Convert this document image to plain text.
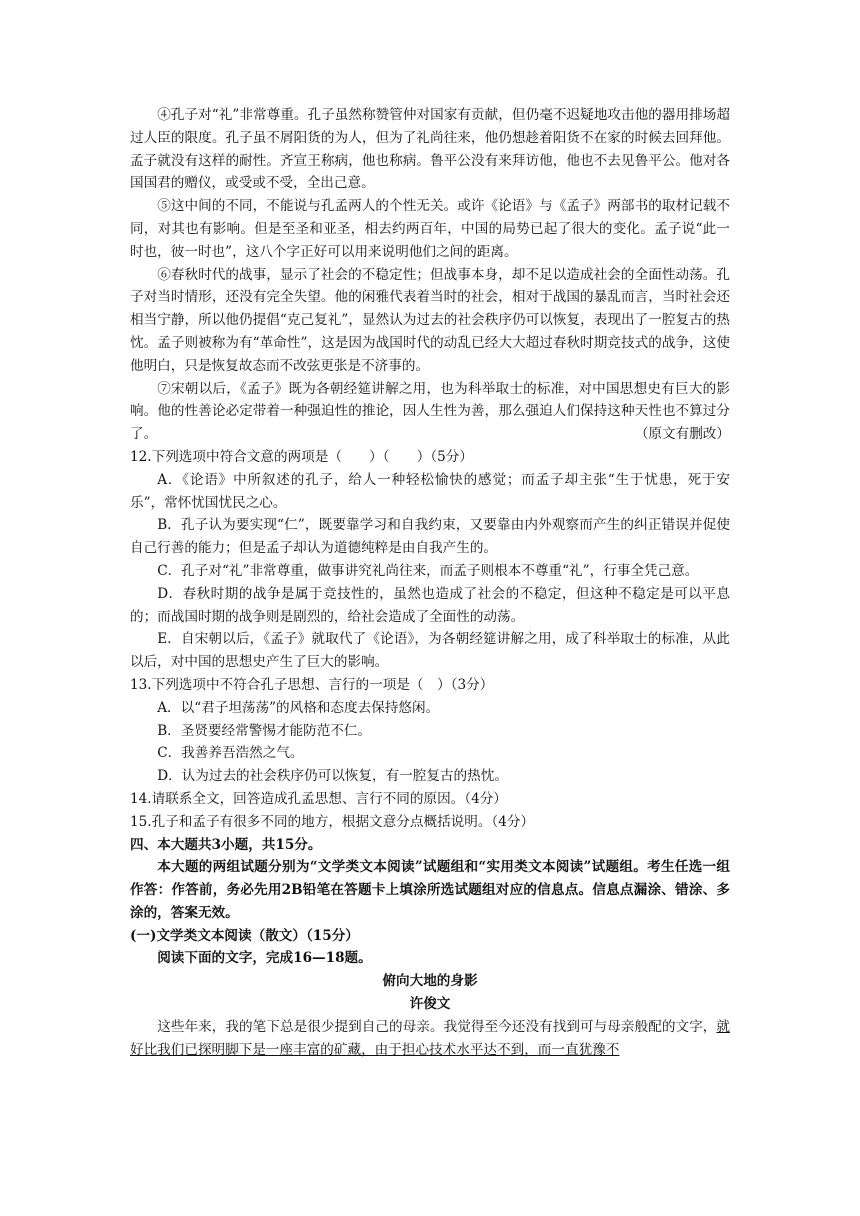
④孔子对“礼”非常尊重。孔子虽然称赞管仲对国家有贡献，但仍毫不迟疑地攻击他的器用排场超过人臣的限度。孔子虽不屑阳货的为人，但为了礼尚往来，他仍想趁着阳货不在家的时候去回拜他。孟子就没有这样的耐性。齐宣王称病，他也称病。鲁平公没有来拜访他，他也不去见鲁平公。他对各国国君的赠仪，或受或不受，全出己意。

⑤这中间的不同，不能说与孔孟两人的个性无关。或许《论语》与《孟子》两部书的取材记载不同，对其也有影响。但是至圣和亚圣，相去约两百年，中国的局势已起了很大的变化。孟子说“此一时也，彼一时也”，这八个字正好可以用来说明他们之间的距离。

⑥春秋时代的战事，显示了社会的不稳定性；但战事本身，却不足以造成社会的全面性动荡。孔子对当时情形，还没有完全失望。他的闲雅代表着当时的社会，相对于战国的暴乱而言，当时社会还相当宁静，所以他仍提倡“克己复礼”，显然认为过去的社会秩序仍可以恢复，表现出了一腔复古的热忱。孟子则被称为有“革命性”，这是因为战国时代的动乱已经大大超过春秋时期竞技式的战争，这使他明白，只是恢复故态而不改弦更张是不济事的。

⑦宋朝以后，《孟子》既为各朝经筵讲解之用，也为科举取士的标准，对中国思想史有巨大的影响。他的性善论必定带着一种强迫性的推论，因人生性为善，那么强迫人们保持这种天性也不算过分了。	（原文有删改）

12.下列选项中符合文意的两项是（　　）（　　）（5分）

A．《论语》中所叙述的孔子，给人一种轻松愉快的感觉；而孟子却主张“生于忧患，死于安乐”，常怀忧国忧民之心。

B．孔子认为要实现“仁”，既要靠学习和自我约束，又要靠由内外观察而产生的纠正错误并促使自己行善的能力；但是孟子却认为道德纯粹是由自我产生的。

C．孔子对“礼”非常尊重，做事讲究礼尚往来，而孟子则根本不尊重“礼”，行事全凭己意。

D．春秋时期的战争是属于竞技性的，虽然也造成了社会的不稳定，但这种不稳定是可以平息的；而战国时期的战争则是剧烈的，给社会造成了全面性的动荡。

E．自宋朝以后，《孟子》就取代了《论语》，为各朝经筵讲解之用，成了科举取士的标准，从此以后，对中国的思想史产生了巨大的影响。

13.下列选项中不符合孔子思想、言行的一项是（　）（3分）

A．以“君子坦荡荡”的风格和态度去保持悠闲。

B．圣贤要经常警惕才能防范不仁。

C．我善养吾浩然之气。

D．认为过去的社会秩序仍可以恢复，有一腔复古的热忱。

14.请联系全文，回答造成孔孟思想、言行不同的原因。（4分）

15.孔子和孟子有很多不同的地方，根据文意分点概括说明。（4分）

四、本大题共3小题，共15分。

本大题的两组试题分别为“文学类文本阅读”试题组和“实用类文本阅读”试题组。考生任选一组作答：作答前，务必先用2B铅笔在答题卡上填涂所选试题组对应的信息点。信息点漏涂、错涂、多涂的，答案无效。

(一)文学类文本阅读（散文）（15分）

阅读下面的文字，完成16—18题。

俯向大地的身影

许俊文

这些年来，我的笔下总是很少提到自己的母亲。我觉得至今还没有找到可与母亲般配的文字，就好比我们已探明脚下是一座丰富的矿藏，由于担心技术水平达不到，而一直犹豫不
